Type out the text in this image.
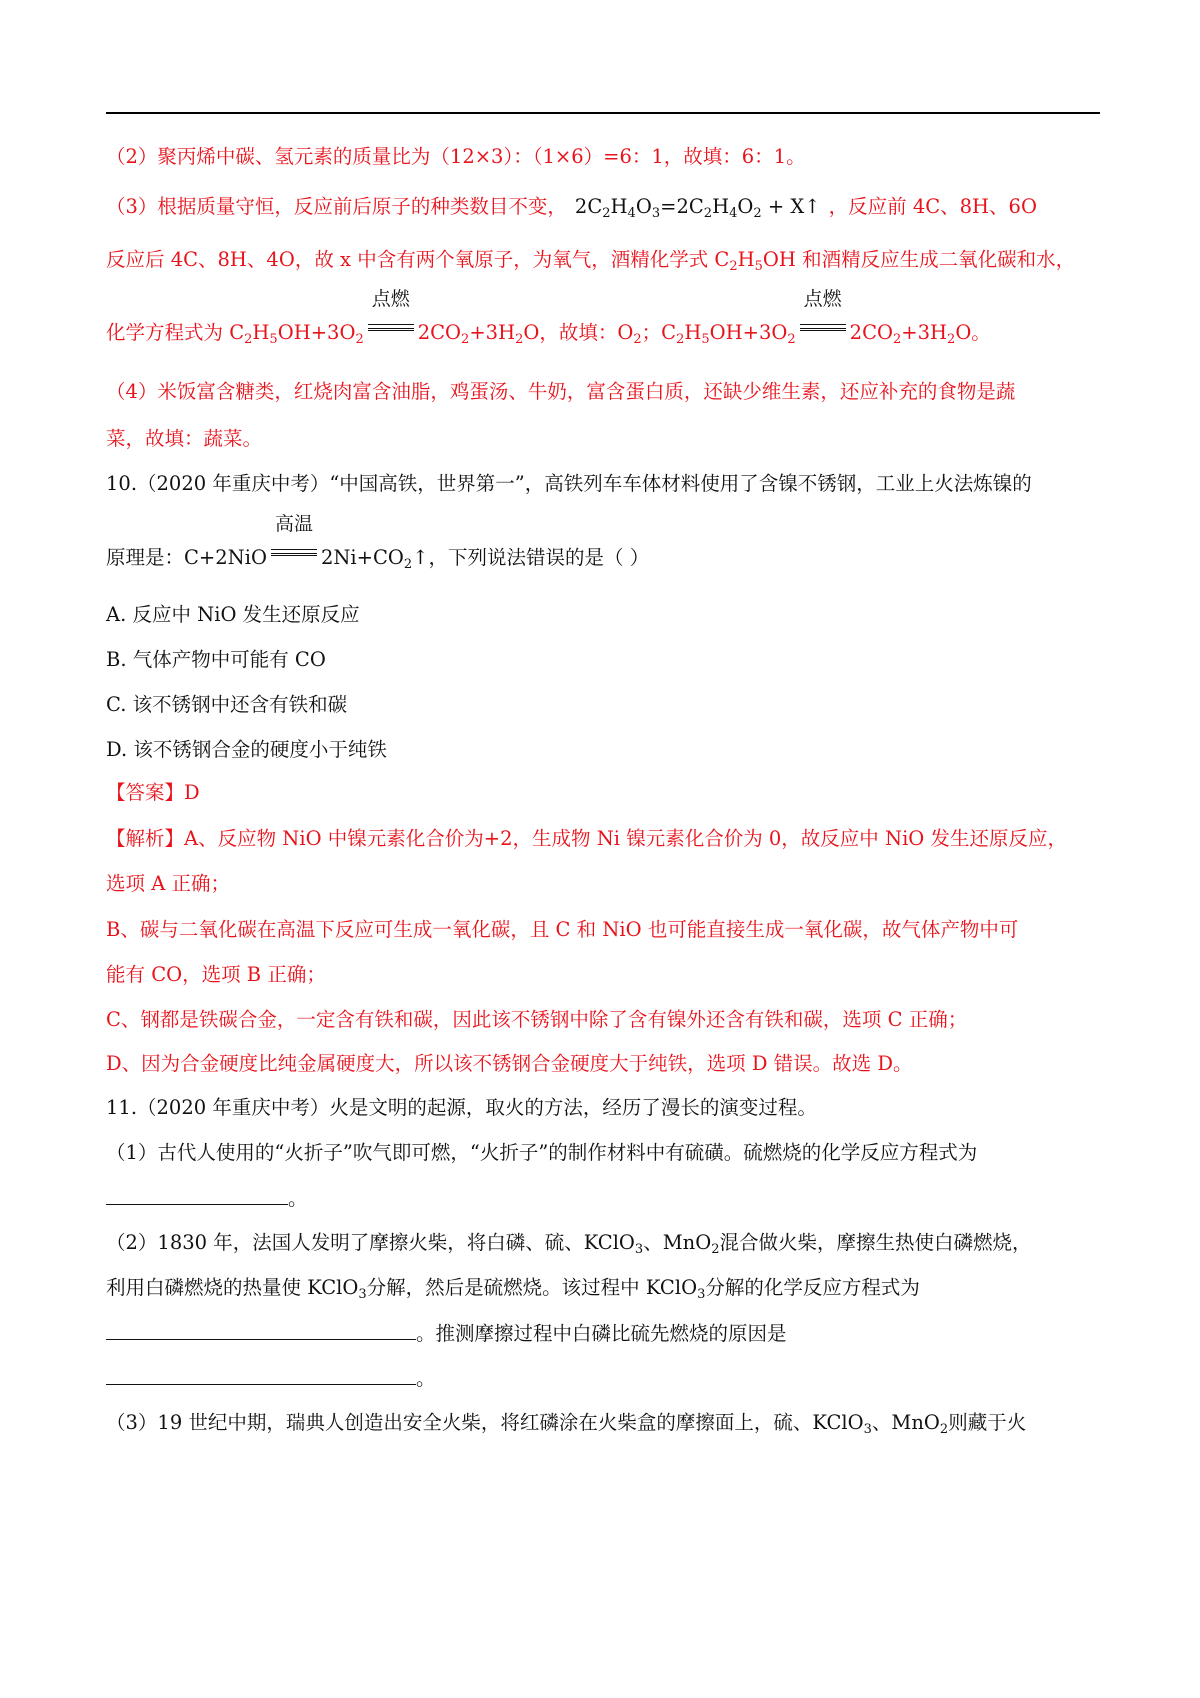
（2）聚丙烯中碳、氢元素的质量比为（12×3）：（1×6）=6：1，故填：6：1。
（3）根据质量守恒，反应前后原子的种类数目不变， $2C_2H_4O_3=2C_2H_4O_2$ + X↑ ，反应前 4C、8H、6O
反应后 4C、8H、4O，故 x 中含有两个氧原子，为氧气，酒精化学式 $C_2H_5OH$ 和酒精反应生成二氧化碳和水，
化学方程式为 $C_2H_5OH+3O_2$
点燃
$2CO_2+3H_2O$，故填：$O_2$；$C_2H_5OH+3O_2$
点燃
$2CO_2+3H_2O$。
（4）米饭富含糖类，红烧肉富含油脂，鸡蛋汤、牛奶，富含蛋白质，还缺少维生素，还应补充的食物是蔬
菜，故填：蔬菜。
10.（2020 年重庆中考）“中国高铁，世界第一”，高铁列车车体材料使用了含镍不锈钢，工业上火法炼镍的
原理是：C+2NiO
高温
$2Ni+CO_2↑$，下列说法错误的是（ ）
A. 反应中 NiO 发生还原反应
B. 气体产物中可能有 CO
C. 该不锈钢中还含有铁和碳
D. 该不锈钢合金的硬度小于纯铁
【答案】D
【解析】A、反应物 NiO 中镍元素化合价为+2，生成物 Ni 镍元素化合价为 0，故反应中 NiO 发生还原反应，
选项 A 正确；
B、碳与二氧化碳在高温下反应可生成一氧化碳，且 C 和 NiO 也可能直接生成一氧化碳，故气体产物中可
能有 CO，选项 B 正确；
C、钢都是铁碳合金，一定含有铁和碳，因此该不锈钢中除了含有镍外还含有铁和碳，选项 C 正确；
D、因为合金硬度比纯金属硬度大，所以该不锈钢合金硬度大于纯铁，选项 D 错误。故选 D。
11.（2020 年重庆中考）火是文明的起源，取火的方法，经历了漫长的演变过程。
（1）古代人使用的“火折子”吹气即可燃，“火折子”的制作材料中有硫磺。硫燃烧的化学反应方程式为
。
（2）1830 年，法国人发明了摩擦火柴，将白磷、硫、KClO$_3$、MnO$_2$混合做火柴，摩擦生热使白磷燃烧，
利用白磷燃烧的热量使 KClO$_3$分解，然后是硫燃烧。该过程中 KClO$_3$分解的化学反应方程式为
。推测摩擦过程中白磷比硫先燃烧的原因是
。
（3）19 世纪中期，瑞典人创造出安全火柴，将红磷涂在火柴盒的摩擦面上，硫、KClO$_3$、MnO$_2$则藏于火
